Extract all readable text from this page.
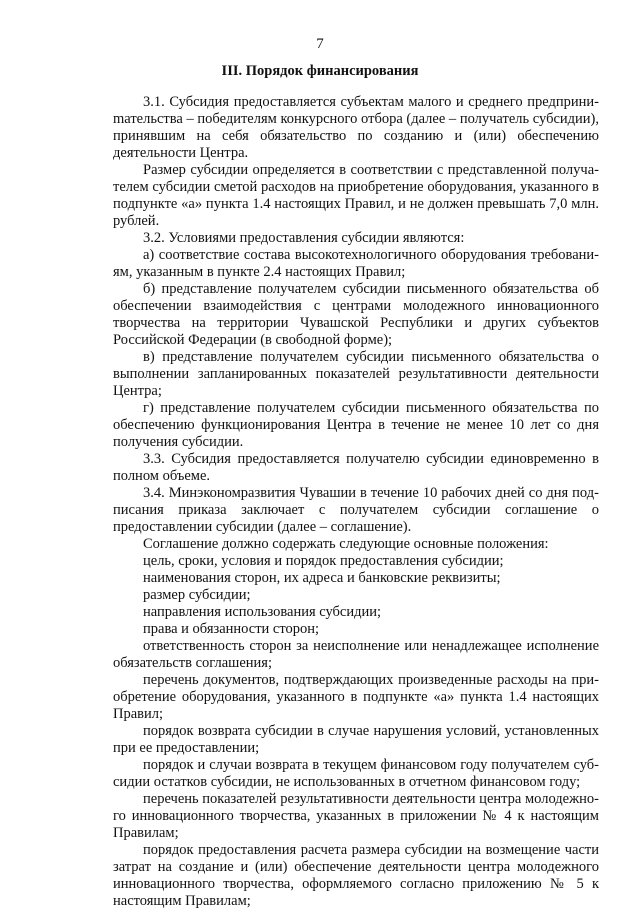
7

III. Порядок финансирования

3.1. Субсидия предоставляется субъектам малого и среднего предприниmательства – победителям конкурсного отбора (далее – получатель субсидии), принявшим на себя обязательство по созданию и (или) обеспечению деятельности Центра.

Размер субсидии определяется в соответствии с представленной получателем субсидии сметой расходов на приобретение оборудования, указанного в подпункте «а» пункта 1.4 настоящих Правил, и не должен превышать 7,0 млн. рублей.

3.2. Условиями предоставления субсидии являются:

а) соответствие состава высокотехнологичного оборудования требованиям, указанным в пункте 2.4 настоящих Правил;

б) представление получателем субсидии письменного обязательства об обеспечении взаимодействия с центрами молодежного инновационного творчества на территории Чувашской Республики и других субъектов Российской Федерации (в свободной форме);

в) представление получателем субсидии письменного обязательства о выполнении запланированных показателей результативности деятельности Центра;

г) представление получателем субсидии письменного обязательства по обеспечению функционирования Центра в течение не менее 10 лет со дня получения субсидии.

3.3. Субсидия предоставляется получателю субсидии единовременно в полном объеме.

3.4. Минэкономразвития Чувашии в течение 10 рабочих дней со дня подписания приказа заключает с получателем субсидии соглашение о предоставлении субсидии (далее – соглашение).

Соглашение должно содержать следующие основные положения:

цель, сроки, условия и порядок предоставления субсидии;

наименования сторон, их адреса и банковские реквизиты;

размер субсидии;

направления использования субсидии;

права и обязанности сторон;

ответственность сторон за неисполнение или ненадлежащее исполнение обязательств соглашения;

перечень документов, подтверждающих произведенные расходы на приобретение оборудования, указанного в подпункте «а» пункта 1.4 настоящих Правил;

порядок возврата субсидии в случае нарушения условий, установленных при ее предоставлении;

порядок и случаи возврата в текущем финансовом году получателем субсидии остатков субсидии, не использованных в отчетном финансовом году;

перечень показателей результативности деятельности центра молодежного инновационного творчества, указанных в приложении № 4 к настоящим Правилам;

порядок предоставления расчета размера субсидии на возмещение части затрат на создание и (или) обеспечение деятельности центра молодежного инновационного творчества, оформляемого согласно приложению № 5 к настоящим Правилам;
